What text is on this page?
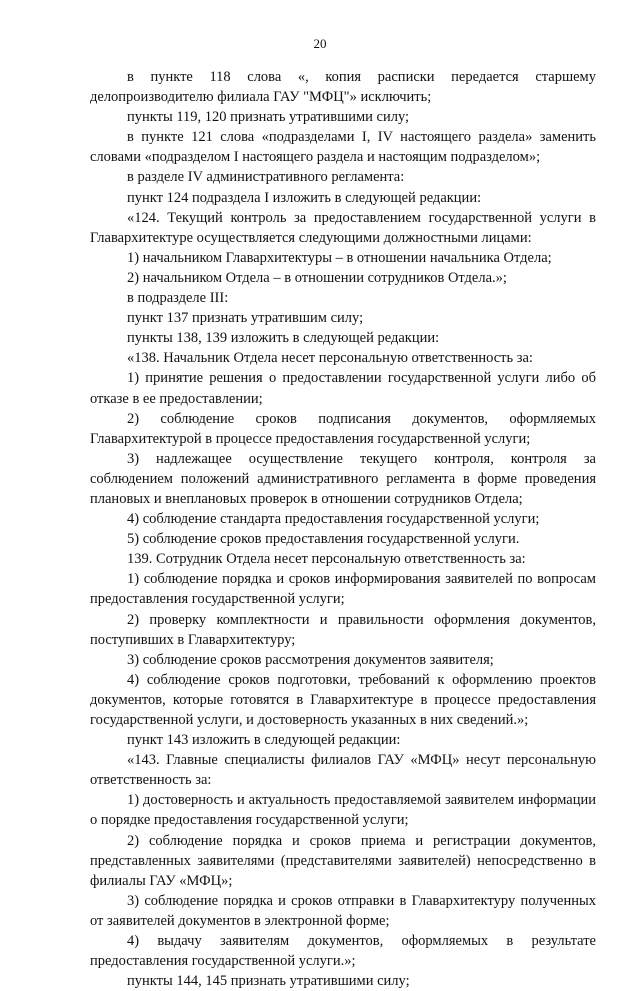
20

в пункте 118 слова «, копия расписки передается старшему делопроизводителю филиала ГАУ "МФЦ"» исключить;

пункты 119, 120 признать утратившими силу;

в пункте 121 слова «подразделами I, IV настоящего раздела» заменить словами «подразделом I настоящего раздела и настоящим подразделом»;

в разделе IV административного регламента:

пункт 124 подраздела I изложить в следующей редакции:

«124. Текущий контроль за предоставлением государственной услуги в Главархитектуре осуществляется следующими должностными лицами:

1) начальником Главархитектуры – в отношении начальника Отдела;

2) начальником Отдела – в отношении сотрудников Отдела.»;

в подразделе III:

пункт 137 признать утратившим силу;

пункты 138, 139 изложить в следующей редакции:

«138. Начальник Отдела несет персональную ответственность за:

1) принятие решения о предоставлении государственной услуги либо об отказе в ее предоставлении;

2) соблюдение сроков подписания документов, оформляемых Главархитектурой в процессе предоставления государственной услуги;

3) надлежащее осуществление текущего контроля, контроля за соблюдением положений административного регламента в форме проведения плановых и внеплановых проверок в отношении сотрудников Отдела;

4) соблюдение стандарта предоставления государственной услуги;

5) соблюдение сроков предоставления государственной услуги.

139. Сотрудник Отдела несет персональную ответственность за:

1) соблюдение порядка и сроков информирования заявителей по вопросам предоставления государственной услуги;

2) проверку комплектности и правильности оформления документов, поступивших в Главархитектуру;

3) соблюдение сроков рассмотрения документов заявителя;

4) соблюдение сроков подготовки, требований к оформлению проектов документов, которые готовятся в Главархитектуре в процессе предоставления государственной услуги, и достоверность указанных в них сведений.»;

пункт 143 изложить в следующей редакции:

«143. Главные специалисты филиалов ГАУ «МФЦ» несут персональную ответственность за:

1) достоверность и актуальность предоставляемой заявителем информации о порядке предоставления государственной услуги;

2) соблюдение порядка и сроков приема и регистрации документов, представленных заявителями (представителями заявителей) непосредственно в филиалы ГАУ «МФЦ»;

3) соблюдение порядка и сроков отправки в Главархитектуру полученных от заявителей документов в электронной форме;

4) выдачу заявителям документов, оформляемых в результате предоставления государственной услуги.»;

пункты 144, 145 признать утратившими силу;
